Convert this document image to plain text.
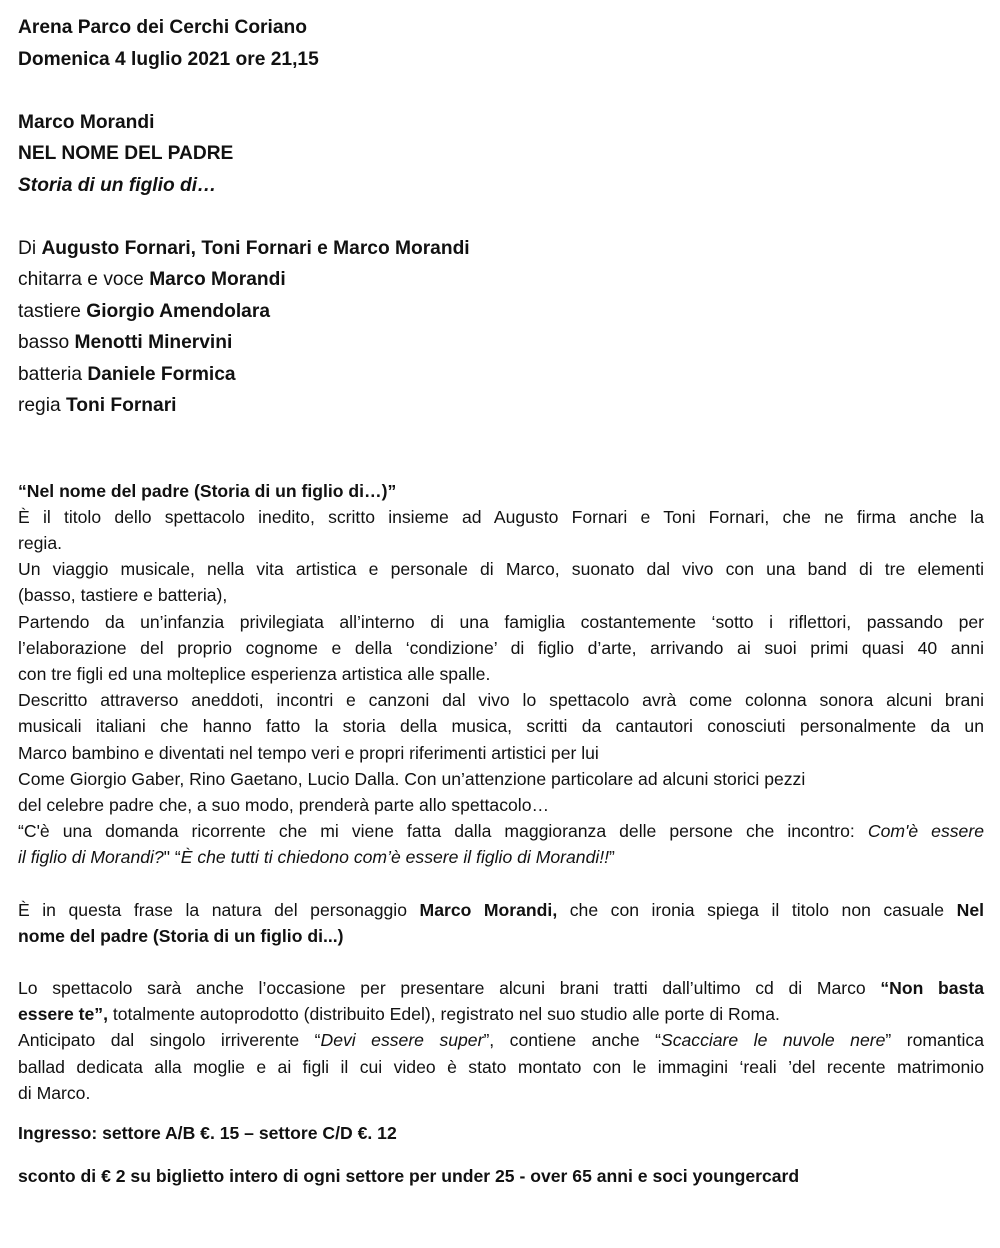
Arena Parco dei Cerchi Coriano
Domenica 4 luglio 2021 ore 21,15
Marco Morandi
NEL NOME DEL PADRE
Storia di un figlio di…
Di Augusto Fornari, Toni Fornari e Marco Morandi
chitarra e voce Marco Morandi
tastiere Giorgio Amendolara
basso Menotti Minervini
batteria Daniele Formica
regia Toni Fornari
“Nel nome del padre (Storia di un figlio di…)”
È il titolo dello spettacolo inedito, scritto insieme ad Augusto Fornari e Toni Fornari, che ne firma anche la
regia.
Un viaggio musicale, nella vita artistica e personale di Marco, suonato dal vivo con una band di tre elementi
(basso, tastiere e batteria),
Partendo da un’infanzia privilegiata all’interno di una famiglia costantemente ‘sotto i riflettori, passando per
l’elaborazione del proprio cognome e della ‘condizione’ di figlio d’arte, arrivando ai suoi primi quasi 40 anni
con tre figli ed una molteplice esperienza artistica alle spalle.
Descritto attraverso aneddoti, incontri e canzoni dal vivo lo spettacolo avrà come colonna sonora alcuni brani
musicali italiani che hanno fatto la storia della musica, scritti da cantautori conosciuti personalmente da un
Marco bambino e diventati nel tempo veri e propri riferimenti artistici per lui
Come Giorgio Gaber, Rino Gaetano, Lucio Dalla. Con un’attenzione particolare ad alcuni storici pezzi
del celebre padre che, a suo modo, prenderà parte allo spettacolo…
“C'è una domanda ricorrente che mi viene fatta dalla maggioranza delle persone che incontro: Com'è essere
il figlio di Morandi?" “È che tutti ti chiedono com’è essere il figlio di Morandi!!”
È in questa frase la natura del personaggio Marco Morandi, che con ironia spiega il titolo non casuale Nel
nome del padre (Storia di un figlio di...)
Lo spettacolo sarà anche l’occasione per presentare alcuni brani tratti dall’ultimo cd di Marco “Non basta
essere te”, totalmente autoprodotto (distribuito Edel), registrato nel suo studio alle porte di Roma.
Anticipato dal singolo irriverente “Devi essere super”, contiene anche “Scacciare le nuvole nere” romantica
ballad dedicata alla moglie e ai figli il cui video è stato montato con le immagini ‘reali ’del recente matrimonio
di Marco.
Ingresso: settore A/B €. 15 – settore C/D €. 12
sconto di € 2 su biglietto intero di ogni settore per under 25 - over 65 anni e soci youngercard
